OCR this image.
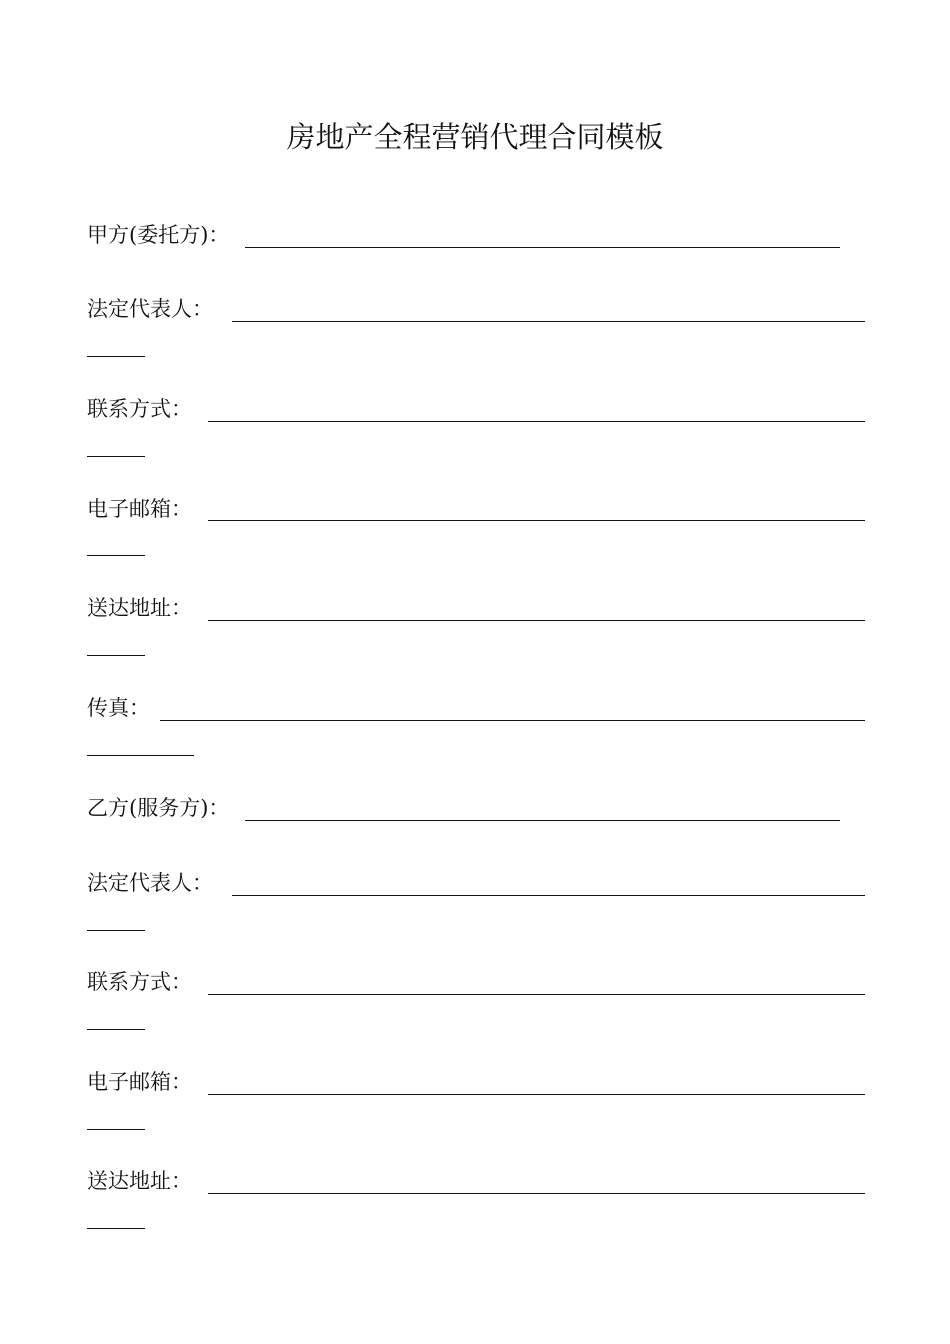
房地产全程营销代理合同模板
甲方(委托方)：
法定代表人：
联系方式：
电子邮箱：
送达地址：
传真：
乙方(服务方)：
法定代表人：
联系方式：
电子邮箱：
送达地址：
